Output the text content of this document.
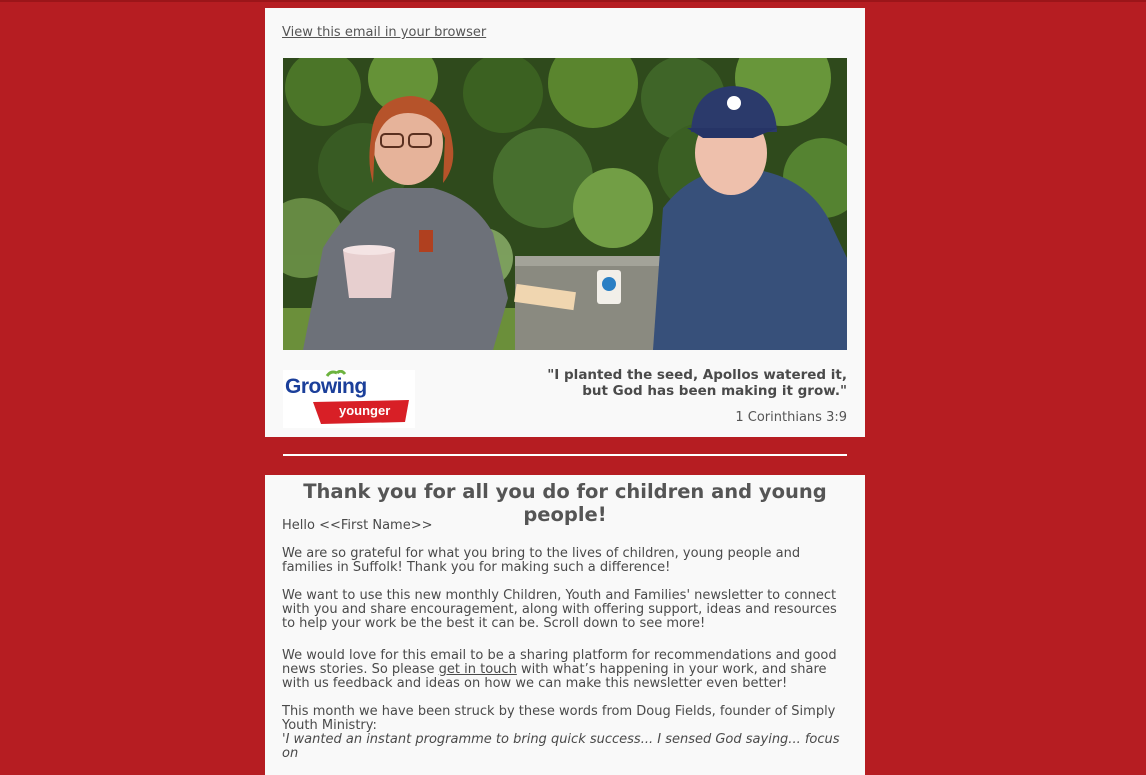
View this email in your browser
Growing
younger
"I planted the seed, Apollos watered it, but God has been making it grow."
1 Corinthians 3:9
Thank you for all you do for children and young people!

Hello <<First Name>>

We are so grateful for what you bring to the lives of children, young people and families in Suffolk! Thank you for making such a difference!

We want to use this new monthly Children, Youth and Families' newsletter to connect with you and share encouragement, along with offering support, ideas and resources to help your work be the best it can be. Scroll down to see more!

We would love for this email to be a sharing platform for recommendations and good news stories. So please get in touch with what’s happening in your work, and share with us feedback and ideas on how we can make this newsletter even better!

This month we have been struck by these words from Doug Fields, founder of Simply Youth Ministry:

'I wanted an instant programme to bring quick success... I sensed God saying... focus on
